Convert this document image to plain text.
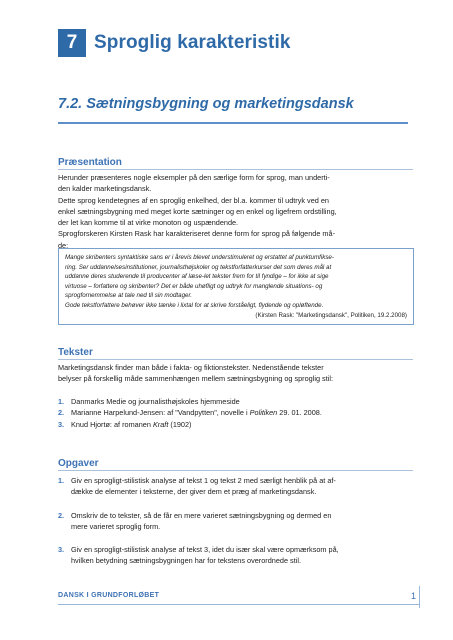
7 Sproglig karakteristik
7.2. Sætningsbygning og marketingsdansk
Præsentation
Herunder præsenteres nogle eksempler på den særlige form for sprog, man underti-
den kalder marketingsdansk.
Dette sprog kendetegnes af en sproglig enkelhed, der bl.a. kommer til udtryk ved en
enkel sætningsbygning med meget korte sætninger og en enkel og ligefrem ordstilling,
der let kan komme til at virke monoton og uspændende.
Sprogforskeren Kirsten Rask har karakteriseret denne form for sprog på følgende må-
de:
Mange skribenters syntaktiske sans er i årevis blevet understimuleret og erstattet af punktumfikse-
ring. Ser uddannelsesinstitutioner, journalisthøjskoler og tekstforfatterkurser det som deres mål at
uddanne deres studerende til producenter af læse-let tekster frem for til fyndige – for ikke at sige
virtuose – forfattere og skribenter? Det er både uhøfligt og udtryk for manglende situations- og
sprogfornemmelse at tale ned til sin modtager.
Gode tekstforfattere behøver ikke tænke i lixtal for at skrive forståeligt, flydende og opløftende.
(Kirsten Rask: "Marketingsdansk", Politiken, 19.2.2008)
Tekster
Marketingsdansk finder man både i fakta- og fiktionstekster. Nedenstående tekster
belyser på forskellig måde sammenhængen mellem sætningsbygning og sproglig stil:
1. Danmarks Medie og journalisthøjskoles hjemmeside
2. Marianne Harpelund-Jensen: af "Vandpytten", novelle i Politiken 29. 01. 2008.
3. Knud Hjortø: af romanen Kraft (1902)
Opgaver
1. Giv en sprogligt-stilistisk analyse af tekst 1 og tekst 2 med særligt henblik på at af-
dække de elementer i teksterne, der giver dem et præg af marketingsdansk.
2. Omskriv de to tekster, så de får en mere varieret sætningsbygning og dermed en
mere varieret sproglig form.
3. Giv en sprogligt-stilistisk analyse af tekst 3, idet du især skal være opmærksom på,
hvilken betydning sætningsbygningen har for tekstens overordnede stil.
DANSK I GRUNDFORLØBET	1
